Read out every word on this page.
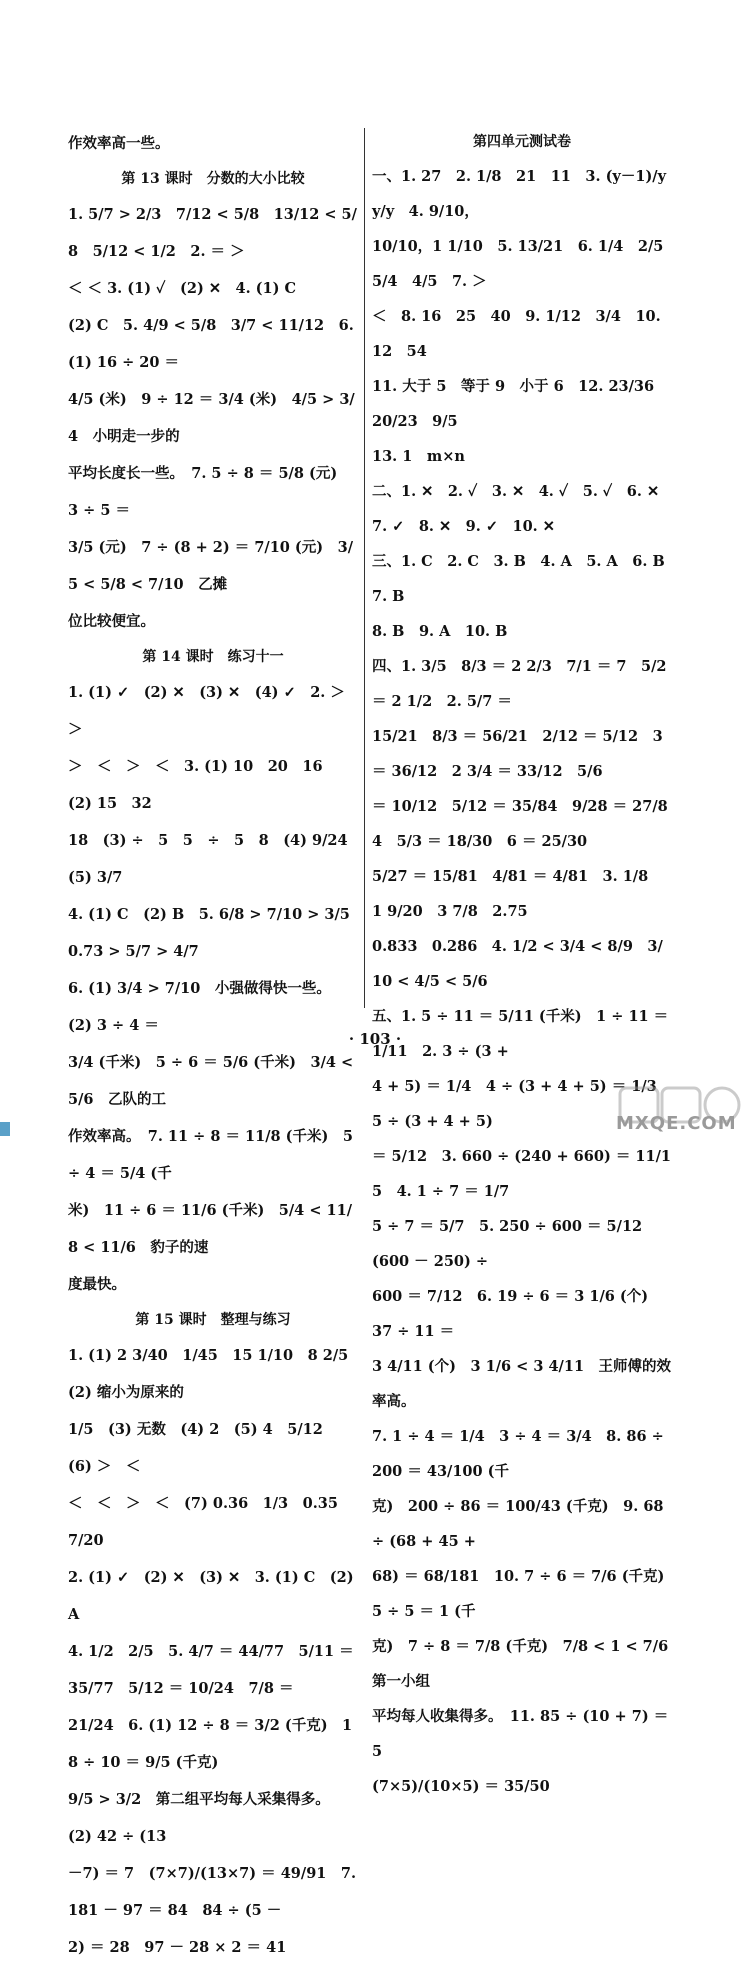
作效率高一些。

第 13 课时　分数的大小比较

1. 5/7 > 2/3　7/12 < 5/8　13/12 < 5/8　5/12 < 1/2　2. ＝ ＞

＜ ＜ 3. (1) ✓　(2) ✕　4. (1) C

(2) C　5. 4/9 < 5/8　3/7 < 11/12　6. (1) 16 ÷ 20 ＝

4/5 (米)　9 ÷ 12 ＝ 3/4 (米)　4/5 > 3/4　小明走一步的

平均长度长一些。　7. 5 ÷ 8 ＝ 5/8 (元)　3 ÷ 5 ＝

3/5 (元)　7 ÷ (8 + 2) ＝ 7/10 (元)　3/5 < 5/8 < 7/10　乙摊

位比较便宜。

第 14 课时　练习十一

1. (1) ✓　(2) ✕　(3) ✕　(4) ✓　2. ＞ ＞

＞　＜　＞　＜　3. (1) 10　20　16　(2) 15　32

18　(3) ÷　5　5　÷　5　8　(4) 9/24　(5) 3/7

4. (1) C　(2) B　5. 6/8 > 7/10 > 3/5　0.73 > 5/7 > 4/7

6. (1) 3/4 > 7/10　小强做得快一些。　(2) 3 ÷ 4 ＝

3/4 (千米)　5 ÷ 6 ＝ 5/6 (千米)　3/4 < 5/6　乙队的工

作效率高。　7. 11 ÷ 8 ＝ 11/8 (千米)　5 ÷ 4 ＝ 5/4 (千

米)　11 ÷ 6 ＝ 11/6 (千米)　5/4 < 11/8 < 11/6　豹子的速

度最快。

第 15 课时　整理与练习

1. (1) 2 3/40　1/45　15 1/10　8 2/5　(2) 缩小为原来的

1/5　(3) 无数　(4) 2　(5) 4　5/12　(6) ＞　＜

＜　＜　＞　＜　(7) 0.36　1/3　0.35　7/20

2. (1) ✓　(2) ✕　(3) ✕　3. (1) C　(2) A

4. 1/2　2/5　5. 4/7 ＝ 44/77　5/11 ＝ 35/77　5/12 ＝ 10/24　7/8 ＝

21/24　6. (1) 12 ÷ 8 ＝ 3/2 (千克)　18 ÷ 10 ＝ 9/5 (千克)

9/5 > 3/2　第二组平均每人采集得多。　(2) 42 ÷ (13

－7) ＝ 7　(7×7)/(13×7) ＝ 49/91　7. 181 － 97 ＝ 84　84 ÷ (5 －

2) ＝ 28　97 － 28 × 2 ＝ 41

第四单元测试卷

一、1. 27　2. 1/8　21　11　3. (y－1)/y　y/y　4. 9/10，

10/10，1 1/10　5. 13/21　6. 1/4　2/5　5/4　4/5　7. ＞

＜　8. 16　25　40　9. 1/12　3/4　10. 12　54

11. 大于 5　等于 9　小于 6　12. 23/36　20/23　9/5

13. 1　m×n

二、1. ✕　2. ✓　3. ✕　4. ✓　5. ✓　6. ✕

7. ✓　8. ✕　9. ✓　10. ✕

三、1. C　2. C　3. B　4. A　5. A　6. B　7. B

8. B　9. A　10. B

四、1. 3/5　8/3 ＝ 2 2/3　7/1 ＝ 7　5/2 ＝ 2 1/2　2. 5/7 ＝

15/21　8/3 ＝ 56/21　2/12 ＝ 5/12　3 ＝ 36/12　2 3/4 ＝ 33/12　5/6

＝ 10/12　5/12 ＝ 35/84　9/28 ＝ 27/84　5/3 ＝ 18/30　6 ＝ 25/30

5/27 ＝ 15/81　4/81 ＝ 4/81　3. 1/8　1 9/20　3 7/8　2.75

0.833　0.286　4. 1/2 < 3/4 < 8/9　3/10 < 4/5 < 5/6

五、1. 5 ÷ 11 ＝ 5/11 (千米)　1 ÷ 11 ＝ 1/11　2. 3 ÷ (3 +

4 + 5) ＝ 1/4　4 ÷ (3 + 4 + 5) ＝ 1/3　5 ÷ (3 + 4 + 5)

＝ 5/12　3. 660 ÷ (240 + 660) ＝ 11/15　4. 1 ÷ 7 ＝ 1/7

5 ÷ 7 ＝ 5/7　5. 250 ÷ 600 ＝ 5/12　(600 － 250) ÷

600 ＝ 7/12　6. 19 ÷ 6 ＝ 3 1/6 (个)　37 ÷ 11 ＝

3 4/11 (个)　3 1/6 < 3 4/11　王师傅的效率高。

7. 1 ÷ 4 ＝ 1/4　3 ÷ 4 ＝ 3/4　8. 86 ÷ 200 ＝ 43/100 (千

克)　200 ÷ 86 ＝ 100/43 (千克)　9. 68 ÷ (68 + 45 +

68) ＝ 68/181　10. 7 ÷ 6 ＝ 7/6 (千克)　5 ÷ 5 ＝ 1 (千

克)　7 ÷ 8 ＝ 7/8 (千克)　7/8 < 1 < 7/6　第一小组

平均每人收集得多。　11. 85 ÷ (10 + 7) ＝ 5

(7×5)/(10×5) ＝ 35/50

· 103 ·
MXQE.COM
